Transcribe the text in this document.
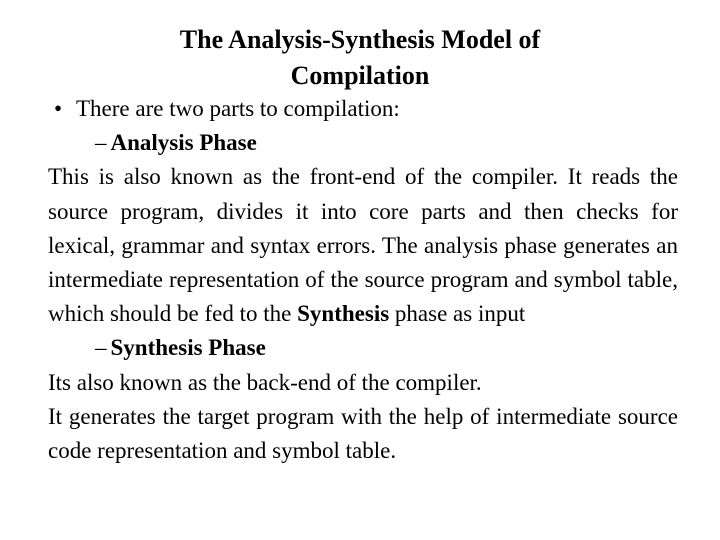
The Analysis-Synthesis Model of
Compilation
• There are two parts to compilation:
– Analysis Phase
This is also known as the front-end of the compiler. It reads the source program, divides it into core parts and then checks for lexical, grammar and syntax errors. The analysis phase generates an intermediate representation of the source program and symbol table, which should be fed to the Synthesis phase as input
– Synthesis Phase
Its also known as the back-end of the compiler.
It generates the target program with the help of intermediate source code representation and symbol table.
